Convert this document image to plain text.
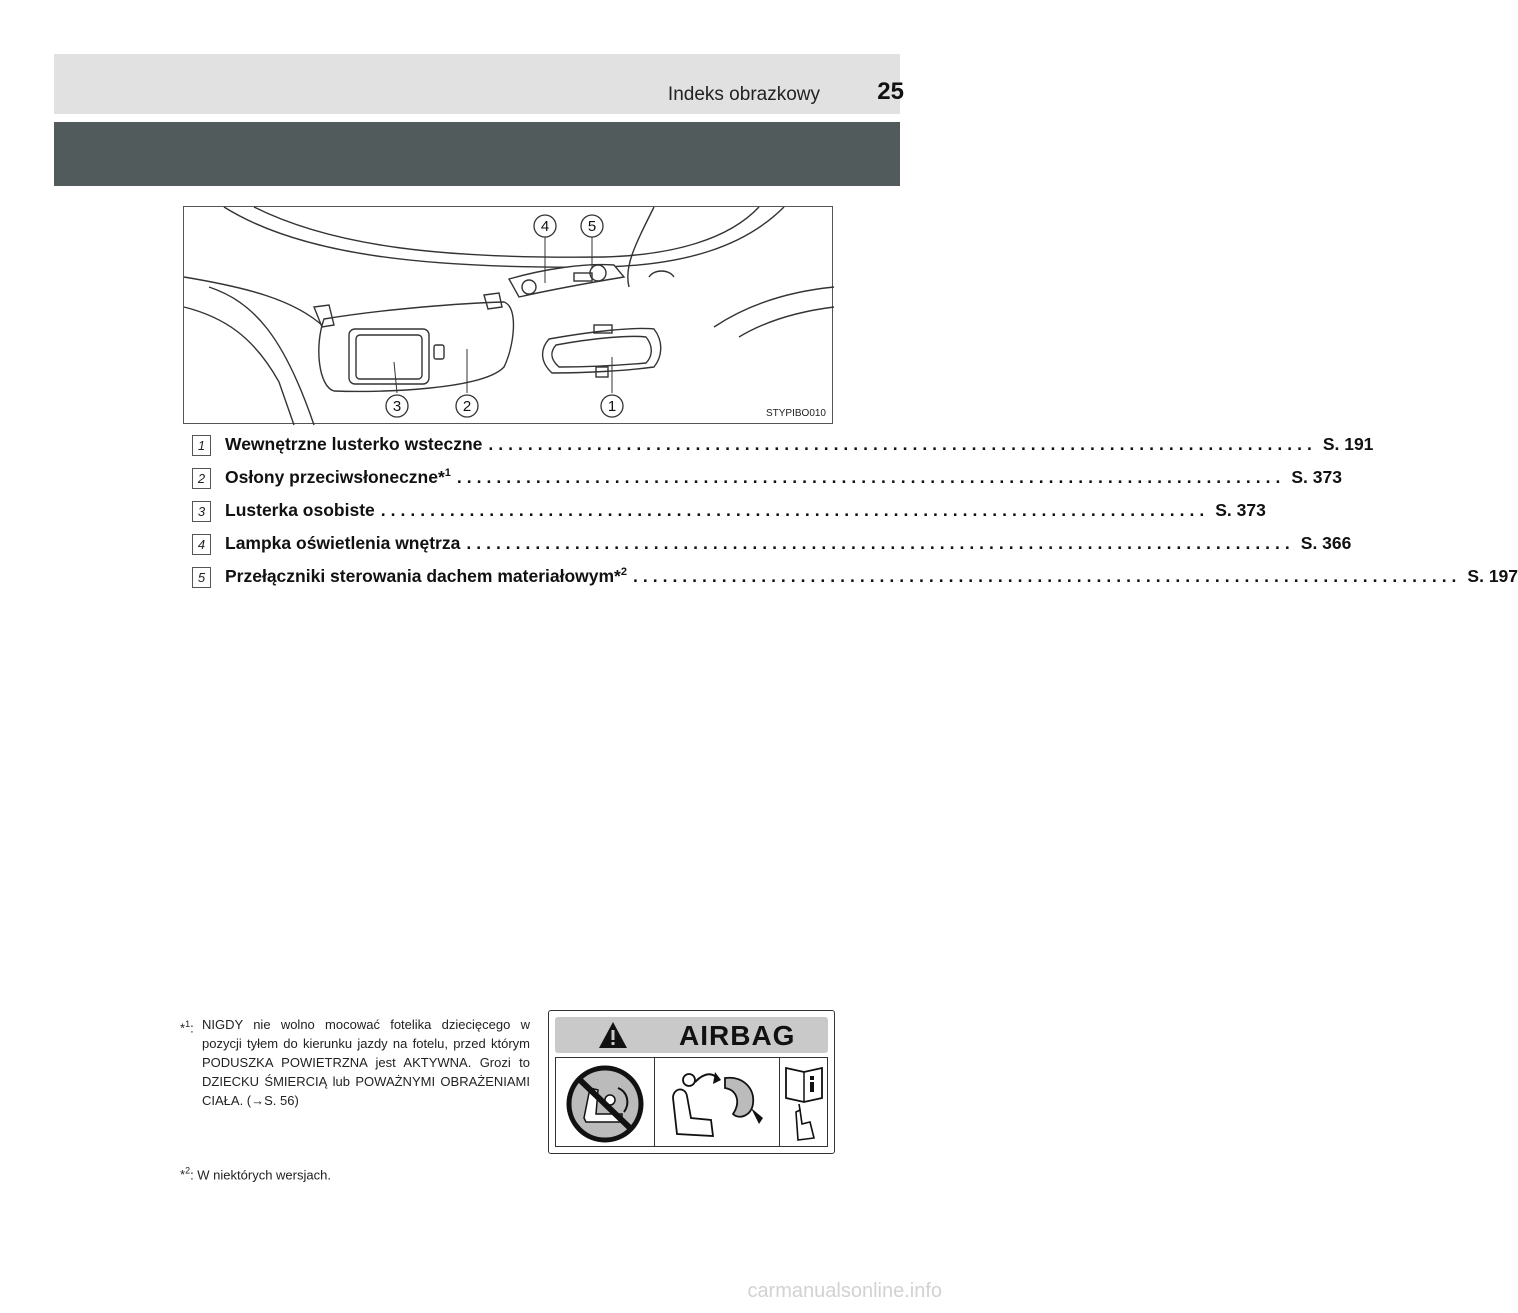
Indeks obrazkowy 25
4	5
3	2	1	STYPIBO010
1	Wewnętrzne lusterko wsteczne .................................................................................... S. 191
2	Osłony przeciwsłoneczne*$^1$ .................................................................................... S. 373
3	Lusterka osobiste .................................................................................... S. 373
4	Lampka oświetlenia wnętrza .................................................................................... S. 366
5	Przełączniki sterowania dachem materiałowym*$^2$ .................................................................................... S. 197
*$^1$: NIGDY nie wolno mocować fotelika dziecięcego w pozycji tyłem do kierunku jazdy na fotelu, przed którym PODUSZKA POWIETRZNA jest AKTYWNA. Grozi to DZIECKU ŚMIERCIĄ lub POWAŻNYMI OBRAŻENIAMI CIAŁA. (→S. 56)
*$^2$: W niektórych wersjach.
AIRBAG
carmanualsonline.info
